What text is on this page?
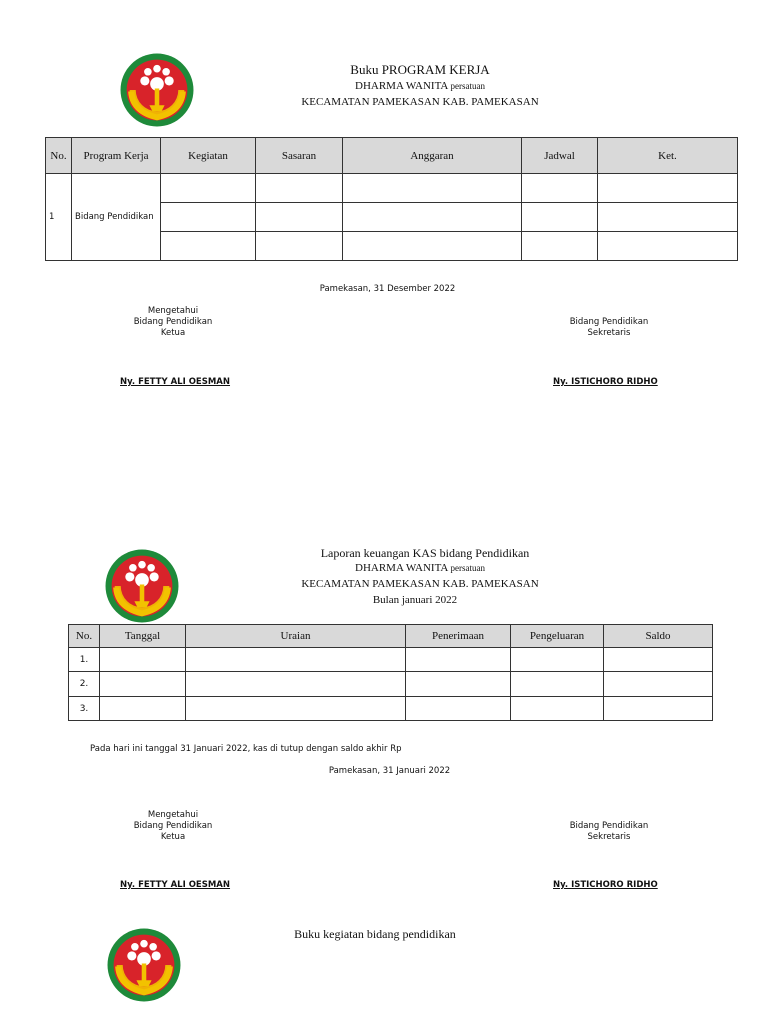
Buku PROGRAM KERJA
DHARMA WANITA persatuan
KECAMATAN PAMEKASAN KAB. PAMEKASAN
No.	Program Kerja	Kegiatan	Sasaran	Anggaran	Jadwal	Ket.
1	Bidang Pendidikan					

Pamekasan, 31 Desember 2022
Mengetahui
Bidang Pendidikan
Ketua
Ny. FETTY ALI OESMAN
Bidang Pendidikan
Sekretaris
Ny. ISTICHORO RIDHO
Laporan keuangan KAS bidang Pendidikan
DHARMA WANITA persatuan
KECAMATAN PAMEKASAN KAB. PAMEKASAN
Bulan januari 2022
No.	Tanggal	Uraian	Penerimaan	Pengeluaran	Saldo
1.					
2.					
3.					
Pada hari ini tanggal 31 Januari 2022, kas di tutup dengan saldo akhir Rp
Pamekasan, 31 Januari 2022
Mengetahui
Bidang Pendidikan
Ketua
Ny. FETTY ALI OESMAN
Bidang Pendidikan
Sekretaris
Ny. ISTICHORO RIDHO
Buku kegiatan bidang pendidikan
